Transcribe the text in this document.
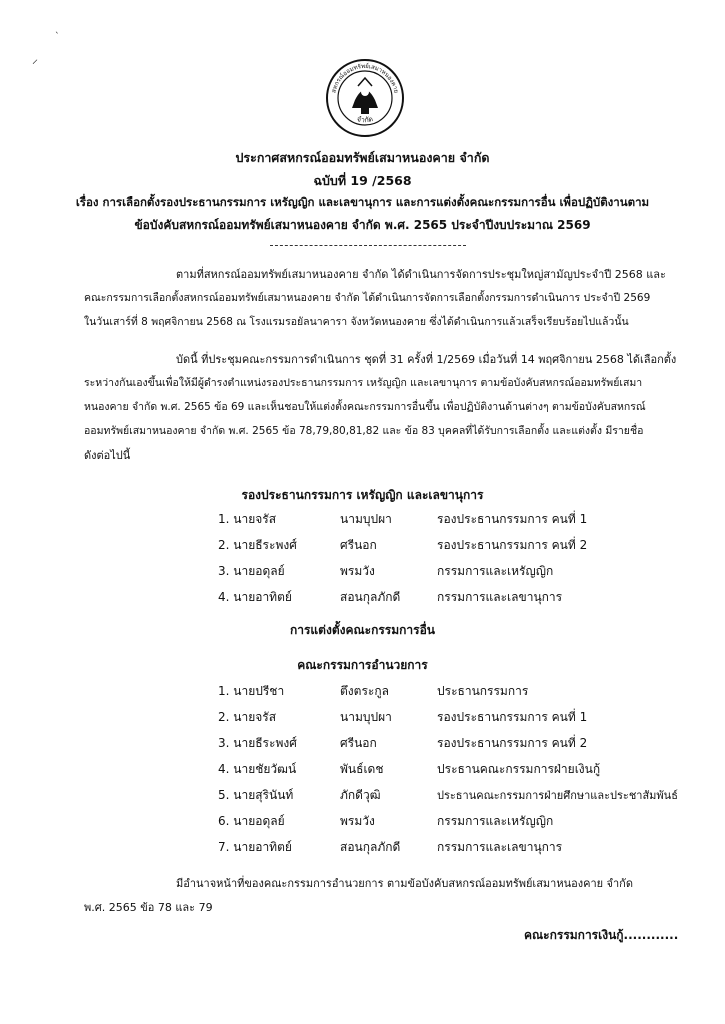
⸝
`
สหกรณ์ออมทรัพย์เสมาหนองคาย
จำกัด
ประกาศสหกรณ์ออมทรัพย์เสมาหนองคาย จำกัด
ฉบับที่ 19 /2568
เรื่อง การเลือกตั้งรองประธานกรรมการ เหรัญญิก และเลขานุการ และการแต่งตั้งคณะกรรมการอื่น เพื่อปฏิบัติงานตาม
ข้อบังคับสหกรณ์ออมทรัพย์เสมาหนองคาย จำกัด พ.ศ. 2565 ประจำปีงบประมาณ 2569
ตามที่สหกรณ์ออมทรัพย์เสมาหนองคาย จำกัด ได้ดำเนินการจัดการประชุมใหญ่สามัญประจำปี 2568 และ
คณะกรรมการเลือกตั้งสหกรณ์ออมทรัพย์เสมาหนองคาย จำกัด ได้ดำเนินการจัดการเลือกตั้งกรรมการดำเนินการ ประจำปี 2569
ในวันเสาร์ที่ 8 พฤศจิกายน 2568 ณ โรงแรมรอยัลนาคารา จังหวัดหนองคาย ซึ่งได้ดำเนินการแล้วเสร็จเรียบร้อยไปแล้วนั้น
บัดนี้ ที่ประชุมคณะกรรมการดำเนินการ ชุดที่ 31 ครั้งที่ 1/2569 เมื่อวันที่ 14 พฤศจิกายน 2568 ได้เลือกตั้ง
ระหว่างกันเองขึ้นเพื่อให้มีผู้ดำรงตำแหน่งรองประธานกรรมการ เหรัญญิก และเลขานุการ ตามข้อบังคับสหกรณ์ออมทรัพย์เสมา
หนองคาย จำกัด พ.ศ. 2565 ข้อ 69 และเห็นชอบให้แต่งตั้งคณะกรรมการอื่นขึ้น เพื่อปฏิบัติงานด้านต่างๆ ตามข้อบังคับสหกรณ์
ออมทรัพย์เสมาหนองคาย จำกัด พ.ศ. 2565 ข้อ 78,79,80,81,82 และ ข้อ 83 บุคคลที่ได้รับการเลือกตั้ง และแต่งตั้ง มีรายชื่อ
ดังต่อไปนี้
รองประธานกรรมการ เหรัญญิก และเลขานุการ
1. นายจรัส	นามบุปผา	รองประธานกรรมการ คนที่ 1
2. นายธีระพงศ์	ศรีนอก	รองประธานกรรมการ คนที่ 2
3. นายอดุลย์	พรมวัง	กรรมการและเหรัญญิก
4. นายอาทิตย์	สอนกุลภักดี	กรรมการและเลขานุการ
การแต่งตั้งคณะกรรมการอื่น
คณะกรรมการอำนวยการ
1. นายปรีชา	ตึงตระกูล	ประธานกรรมการ
2. นายจรัส	นามบุปผา	รองประธานกรรมการ คนที่ 1
3. นายธีระพงศ์	ศรีนอก	รองประธานกรรมการ คนที่ 2
4. นายชัยวัฒน์	พันธ์เดช	ประธานคณะกรรมการฝ่ายเงินกู้
5. นายสุรินันท์	ภักดีวุฒิ	ประธานคณะกรรมการฝ่ายศึกษาและประชาสัมพันธ์
6. นายอดุลย์	พรมวัง	กรรมการและเหรัญญิก
7. นายอาทิตย์	สอนกุลภักดี	กรรมการและเลขานุการ
มีอำนาจหน้าที่ของคณะกรรมการอำนวยการ ตามข้อบังคับสหกรณ์ออมทรัพย์เสมาหนองคาย จำกัด
พ.ศ. 2565 ข้อ 78 และ 79
คณะกรรมการเงินกู้............
